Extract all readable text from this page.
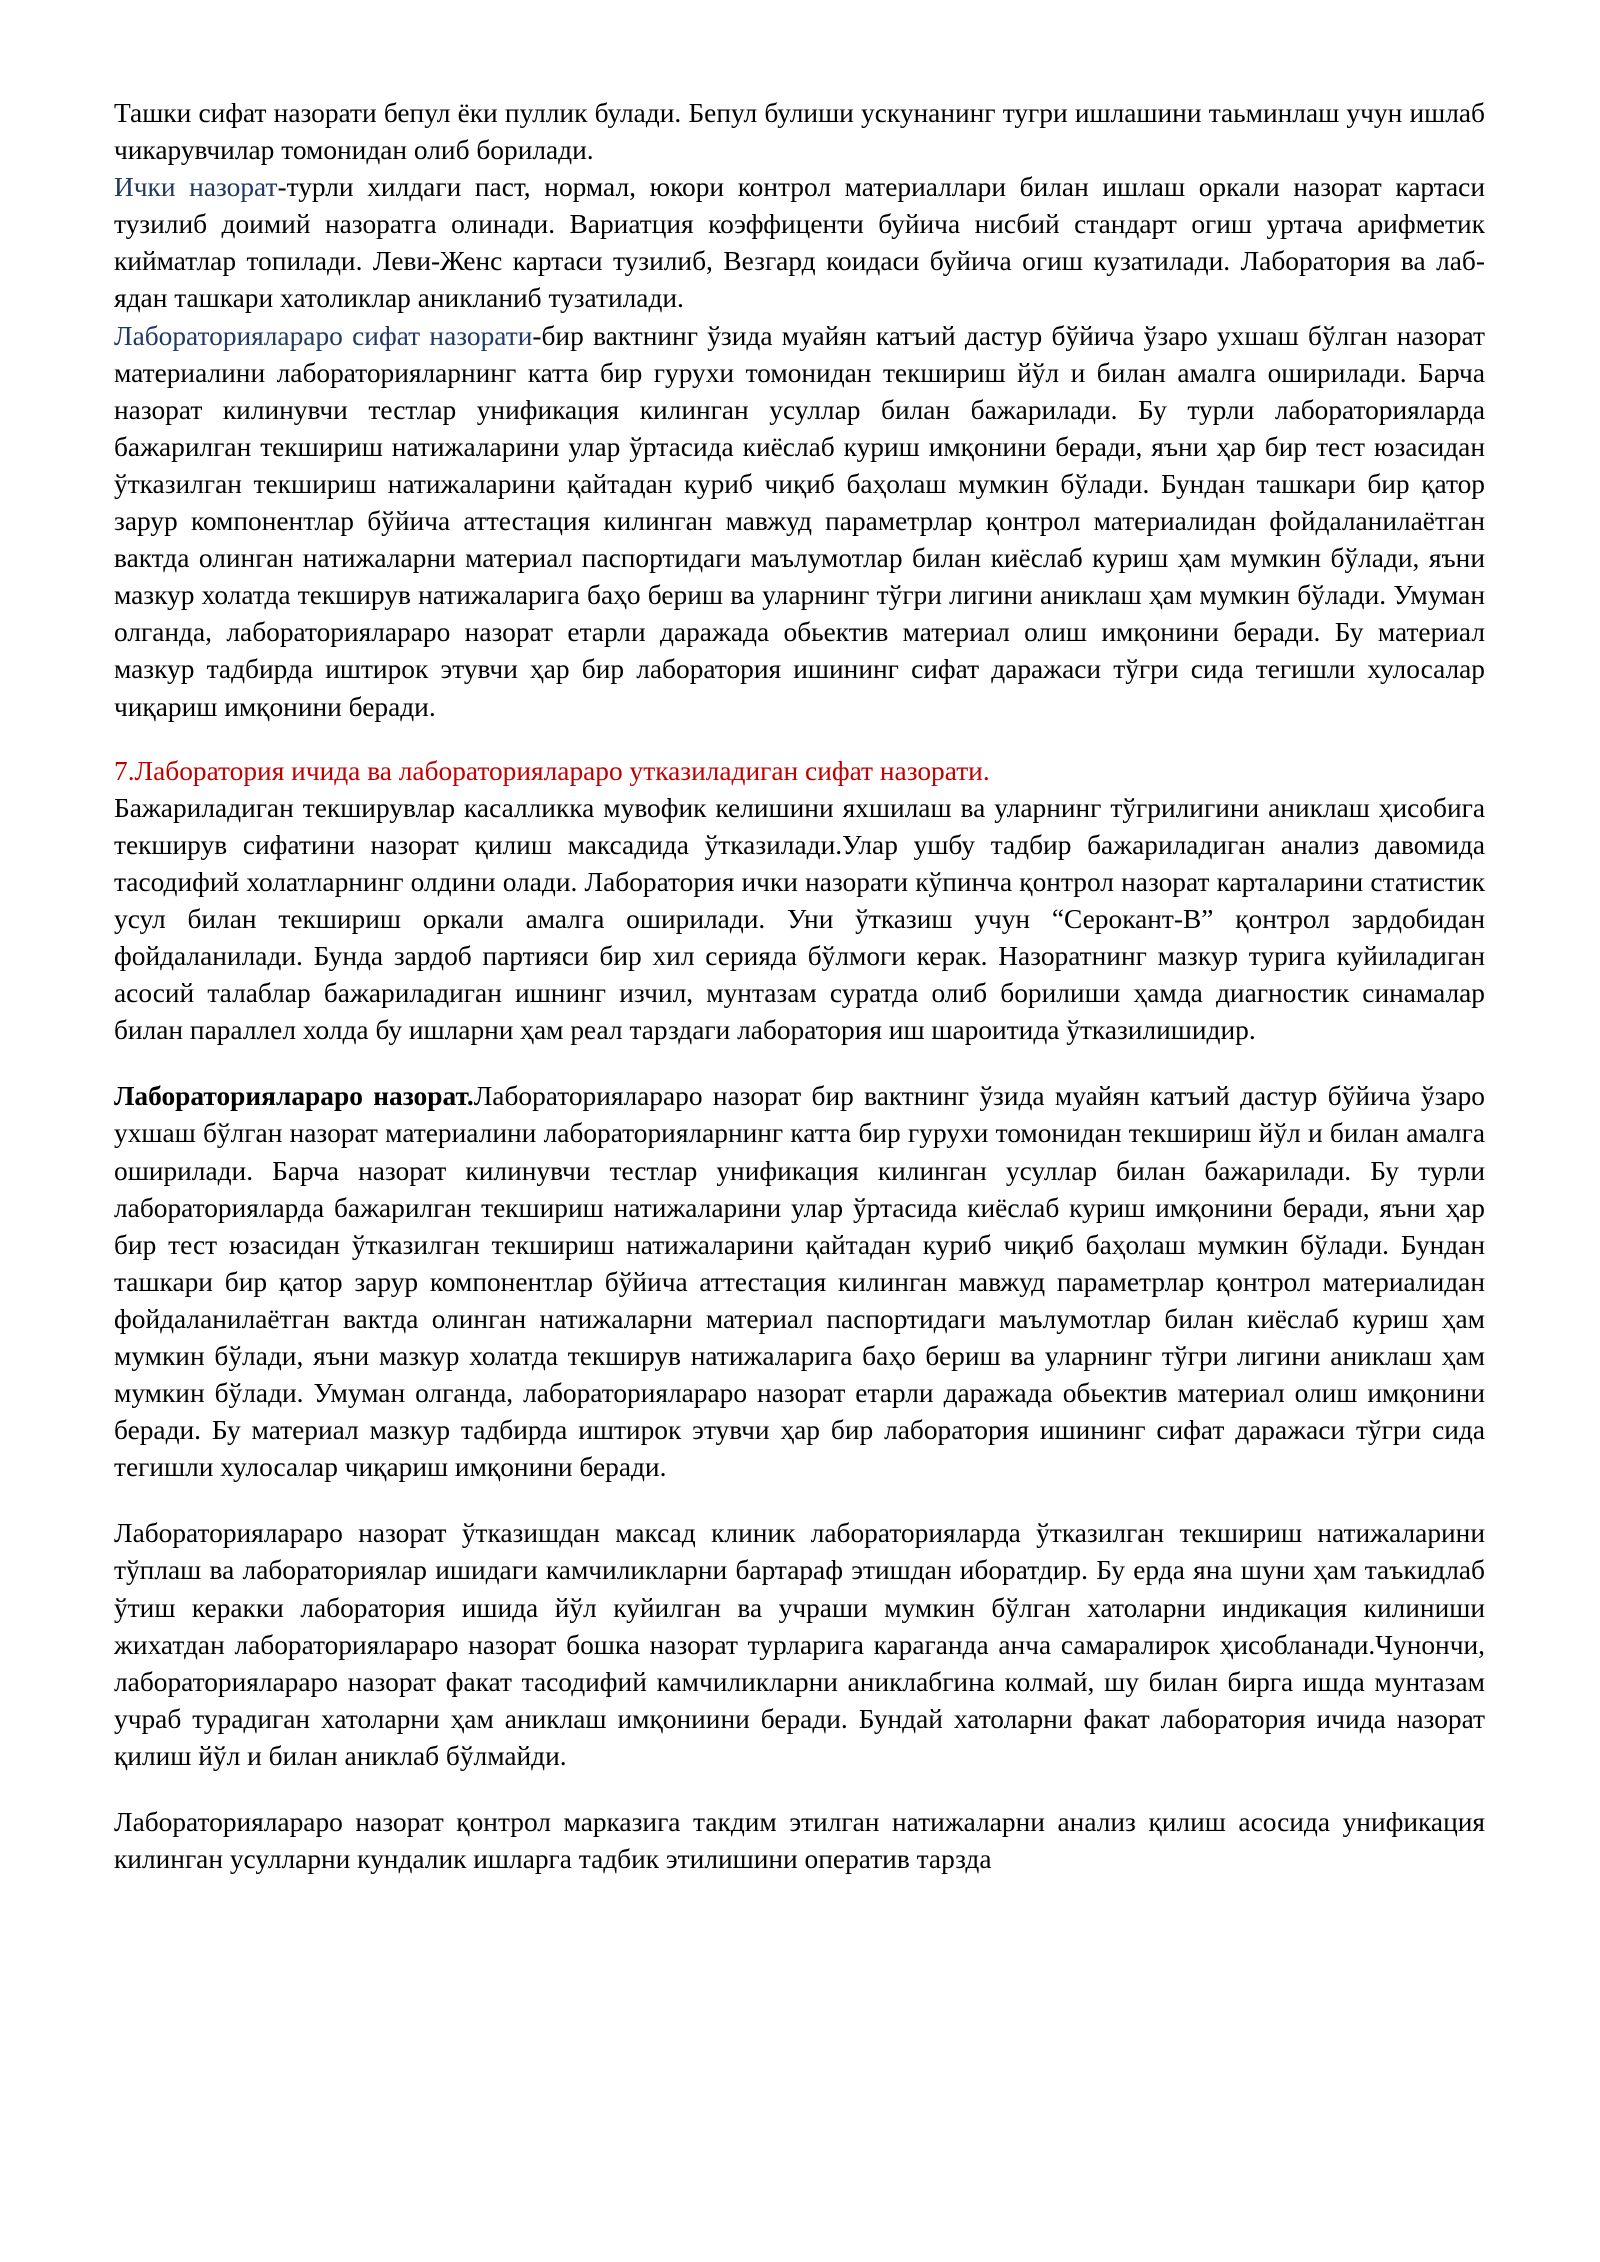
Ташки сифат назорати бепул ёки пуллик булади. Бепул булиши ускунанинг тугри ишлашини таьминлаш учун ишлаб чикарувчилар томонидан олиб борилади.

Ички назорат-турли хилдаги паст, нормал, юкори контрол материаллари билан ишлаш оркали назорат картаси тузилиб доимий назоратга олинади. Вариатция коэффиценти буйича нисбий стандарт огиш уртача арифметик кийматлар топилади. Леви-Женс картаси тузилиб, Везгард коидаси буйича огиш кузатилади. Лаборатория ва лаб-ядан ташкари хатоликлар аникланиб тузатилади.

Лабораторияларaро сифат назорати-бир вактнинг ўзида муайян катъий дастур бўйича ўзаро ухшаш бўлган назорат материалини лабораторияларнинг катта бир гурухи томонидан текшириш йўл и билан амалга оширилади. Барча назорат килинувчи тестлар унификация килинган усуллар билан бажарилади. Бу турли лабораторияларда бажарилган текшириш натижаларини улар ўртасида киёслаб куриш имқонини беради, яъни ҳар бир тест юзасидан ўтказилган текшириш натижаларини қайтадан куриб чиқиб баҳолаш мумкин бўлади. Бундан ташкари бир қатор зарур компонентлар бўйича аттестация килинган мавжуд параметрлар қонтрол материалидан фойдаланилаётган вактда олинган натижаларни материал паспортидаги маълумотлар билан киёслаб куриш ҳам мумкин бўлади, яъни мазкур холатда текширув натижаларига баҳо бериш ва уларнинг тўгри лигини аниклаш ҳам мумкин бўлади. Умуман олганда, лабораторияларaро назорат етарли даражада обьектив материал олиш имқонини беради. Бу материал мазкур тадбирда иштирок этувчи ҳар бир лаборатория ишининг сифат даражаси тўгри сида тегишли хулосалар чиқариш имқонини беради.

7.Лаборатория ичида ва лабораторияларaро утказиладиган сифат назорати.

Бажариладиган текширувлар касалликка мувофик келишини яхшилаш ва уларнинг тўгрилигини аниклаш ҳисобига текширув сифатини назорат қилиш максадида ўтказилади.Улар ушбу тадбир бажариладиган анализ давомида тасодифий холатларнинг олдини олади. Лаборатория ички назорати кўпинча қонтрол назорат карталарини статистик усул билан текшириш оркали амалга оширилади. Уни ўтказиш учун “Серокант-В” қонтрол зардобидан фойдаланилади. Бунда зардоб партияси бир хил серияда бўлмоги керак. Назоратнинг мазкур турига куйиладиган асосий талаблар бажариладиган ишнинг изчил, мунтазам суратда олиб борилиши ҳамда диагностик синамалар билан параллел холда бу ишларни ҳам реал тарздаги лаборатория иш шароитида ўтказилишидир.

Лабораторияларaро назорат.Лабораторияларaро назорат бир вактнинг ўзида муайян катъий дастур бўйича ўзаро ухшаш бўлган назорат материалини лабораторияларнинг катта бир гурухи томонидан текшириш йўл и билан амалга оширилади. Барча назорат килинувчи тестлар унификация килинган усуллар билан бажарилади. Бу турли лабораторияларда бажарилган текшириш натижаларини улар ўртасида киёслаб куриш имқонини беради, яъни ҳар бир тест юзасидан ўтказилган текшириш натижаларини қайтадан куриб чиқиб баҳолаш мумкин бўлади. Бундан ташкари бир қатор зарур компонентлар бўйича аттестация килинган мавжуд параметрлар қонтрол материалидан фойдаланилаётган вактда олинган натижаларни материал паспортидаги маълумотлар билан киёслаб куриш ҳам мумкин бўлади, яъни мазкур холатда текширув натижаларига баҳо бериш ва уларнинг тўгри лигини аниклаш ҳам мумкин бўлади. Умуман олганда, лабораторияларaро назорат етарли даражада обьектив материал олиш имқонини беради. Бу материал мазкур тадбирда иштирок этувчи ҳар бир лаборатория ишининг сифат даражаси тўгри сида тегишли хулосалар чиқариш имқонини беради.

Лабораторияларaро назорат ўтказишдан максад клиник лабораторияларда ўтказилган текшириш натижаларини тўплаш ва лабораториялар ишидаги камчиликларни бартараф этишдан иборатдир. Бу ерда яна шуни ҳам таъкидлаб ўтиш керакки лаборатория ишида йўл куйилган ва учраши мумкин бўлган хатоларни индикация килиниши жихатдан лабораторияларaро назорат бошка назорат турларига караганда анча самаралирок ҳисобланади.Чунончи, лабораторияларaро назорат факат тасодифий камчиликларни аниклабгина колмай, шу билан бирга ишда мунтазам учраб турадиган хатоларни ҳам аниклаш имқониини беради. Бундай хатоларни факат лаборатория ичида назорат қилиш йўл и билан аниклаб бўлмайди.

Лабораторияларaро назорат қонтрол марказига такдим этилган натижаларни анализ қилиш асосида унификация килинган усулларни кундалик ишларга тадбик этилишини оператив тарзда
